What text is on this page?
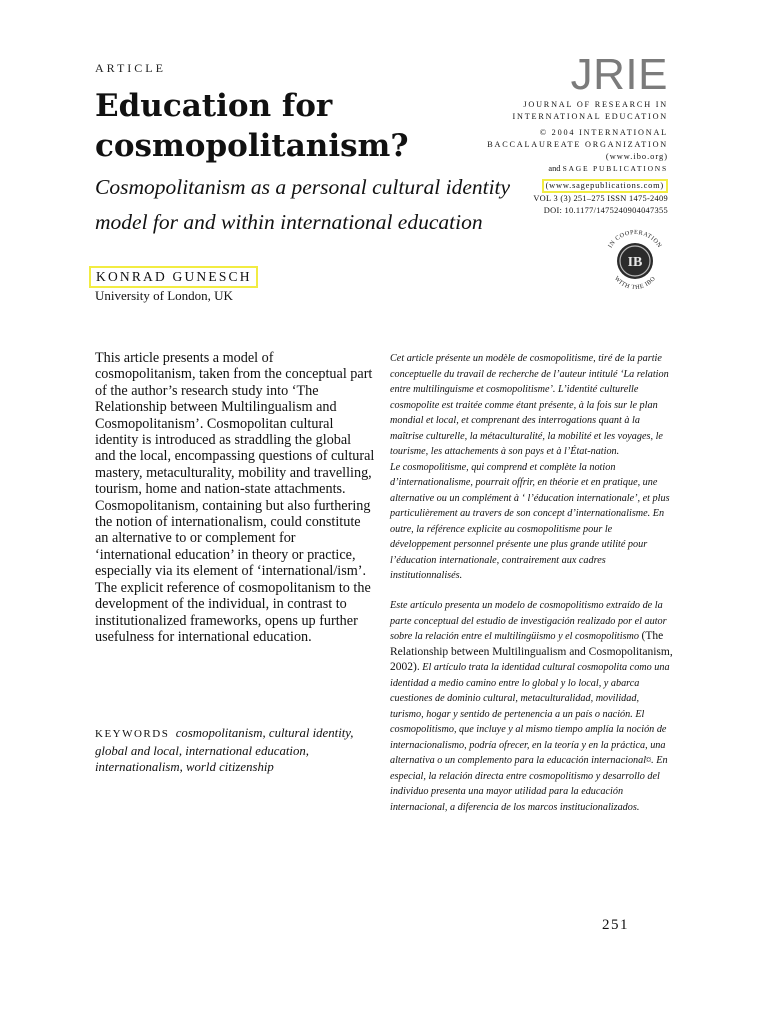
ARTICLE
Education for
cosmopolitanism?
Cosmopolitanism as a personal cultural identity
model for and within international education
KONRAD GUNESCH
University of London, UK
JRIE
JOURNAL OF RESEARCH IN
INTERNATIONAL EDUCATION
© 2004 INTERNATIONAL
BACCALAUREATE ORGANIZATION
(www.ibo.org)
and SAGE PUBLICATIONS
(www.sagepublications.com)
VOL 3 (3) 251–275 ISSN 1475-2409
DOI: 10.1177/1475240904047355
IB
IN COOPERATION
WITH THE IBO
This article presents a model of cosmopolitanism, taken from the conceptual part of the author’s research study into ‘The Relationship between Multilingualism and Cosmopolitanism’. Cosmopolitan cultural identity is introduced as straddling the global and the local, encompassing questions of cultural mastery, metaculturality, mobility and travelling, tourism, home and nation-state attachments. Cosmopolitanism, containing but also furthering the notion of internationalism, could constitute an alternative to or complement for ‘international education’ in theory or practice, especially via its element of ‘international/ism’. The explicit reference of cosmopolitanism to the development of the individual, in contrast to institutionalized frameworks, opens up further usefulness for international education.
KEYWORDS cosmopolitanism, cultural identity, global and local, international education, internationalism, world citizenship

Cet article présente un modèle de cosmopolitisme, tiré de la partie conceptuelle du travail de recherche de l’auteur intitulé ‘La relation entre multilinguisme et cosmopolitisme’. L’identité culturelle cosmopolite est traitée comme étant présente, à la fois sur le plan mondial et local, et comprenant des interrogations quant à la maîtrise culturelle, la métaculturalité, la mobilité et les voyages, le tourisme, les attachements à son pays et à l’État-nation.

Le cosmopolitisme, qui comprend et complète la notion d’internationalisme, pourrait offrir, en théorie et en pratique, une alternative ou un complément à ‘ l’éducation internationale’, et plus particulièrement au travers de son concept d’internationalisme. En outre, la référence explicite au cosmopolitisme pour le développement personnel présente une plus grande utilité pour l’éducation internationale, contrairement aux cadres institutionnalisés.

Este artículo presenta un modelo de cosmopolitismo extraído de la parte conceptual del estudio de investigación realizado por el autor sobre la relación entre el multilingüismo y el cosmopolitismo (The Relationship between Multilingualism and Cosmopolitanism, 2002). El artículo trata la identidad cultural cosmopolita como una identidad a medio camino entre lo global y lo local, y abarca cuestiones de dominio cultural, metaculturalidad, movilidad, turismo, hogar y sentido de pertenencia a un país o nación. El cosmopolitismo, que incluye y al mismo tiempo amplía la noción de internacionalismo, podría ofrecer, en la teoría y en la práctica, una alternativa o un complemento para la educación internacional¤. En especial, la relación directa entre cosmopolitismo y desarrollo del individuo presenta una mayor utilidad para la educación internacional, a diferencia de los marcos institucionalizados.
251
